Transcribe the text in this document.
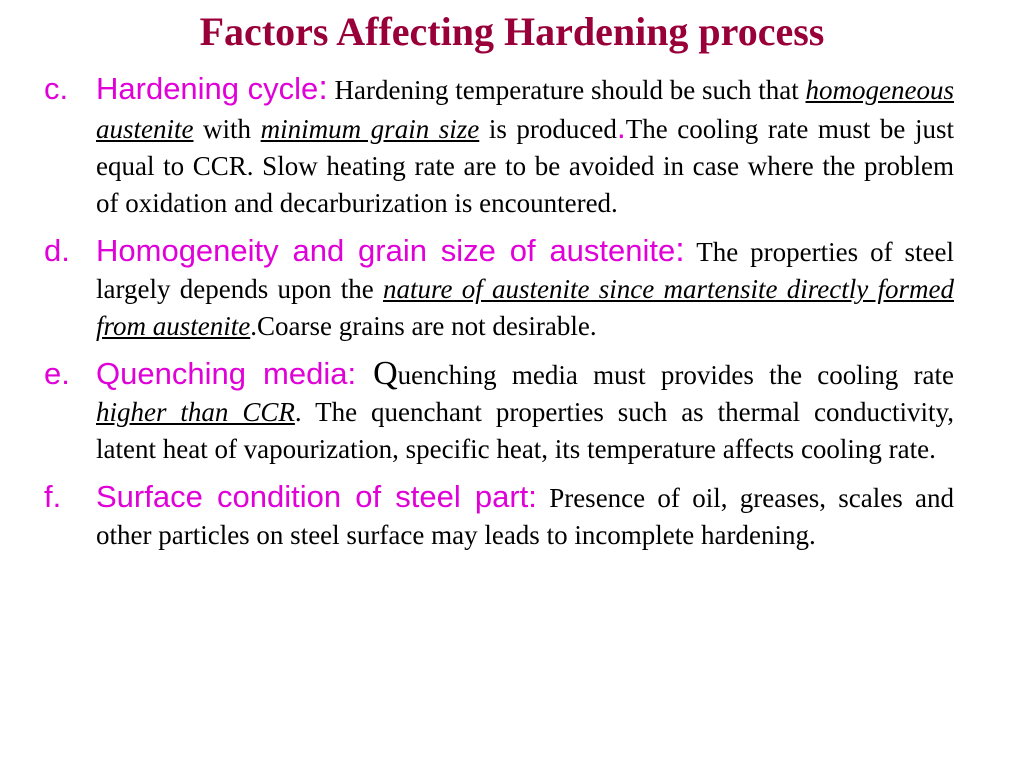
Factors Affecting Hardening process
c. Hardening cycle: Hardening temperature should be such that homogeneous austenite with minimum grain size is produced.The cooling rate must be just equal to CCR. Slow heating rate are to be avoided in case where the problem of oxidation and decarburization is encountered.
d. Homogeneity and grain size of austenite: The properties of steel largely depends upon the nature of austenite since martensite directly formed from austenite.Coarse grains are not desirable.
e. Quenching media: Quenching media must provides the cooling rate higher than CCR. The quenchant properties such as thermal conductivity, latent heat of vapourization, specific heat, its temperature affects cooling rate.
f. Surface condition of steel part: Presence of oil, greases, scales and other particles on steel surface may leads to incomplete hardening.
